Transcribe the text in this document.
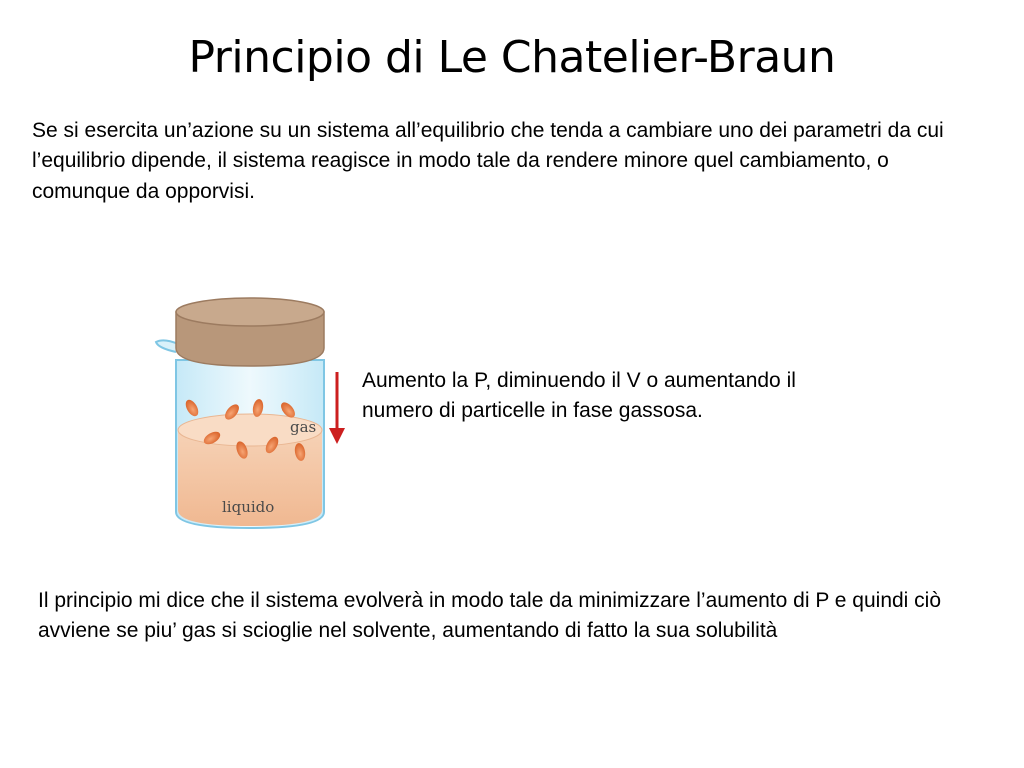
Principio di Le Chatelier-Braun

Se si esercita un’azione su un sistema all’equilibrio che tenda a cambiare uno dei parametri da cui l’equilibrio dipende, il sistema reagisce in modo tale da rendere minore quel cambiamento, o comunque da opporvisi.

gas
liquido

Aumento la P, diminuendo il V o aumentando il numero di particelle in fase gassosa.

Il principio mi dice che il sistema evolverà in modo tale da minimizzare l’aumento di P e quindi ciò avviene se piu’ gas si scioglie nel solvente, aumentando di fatto la sua solubilità
